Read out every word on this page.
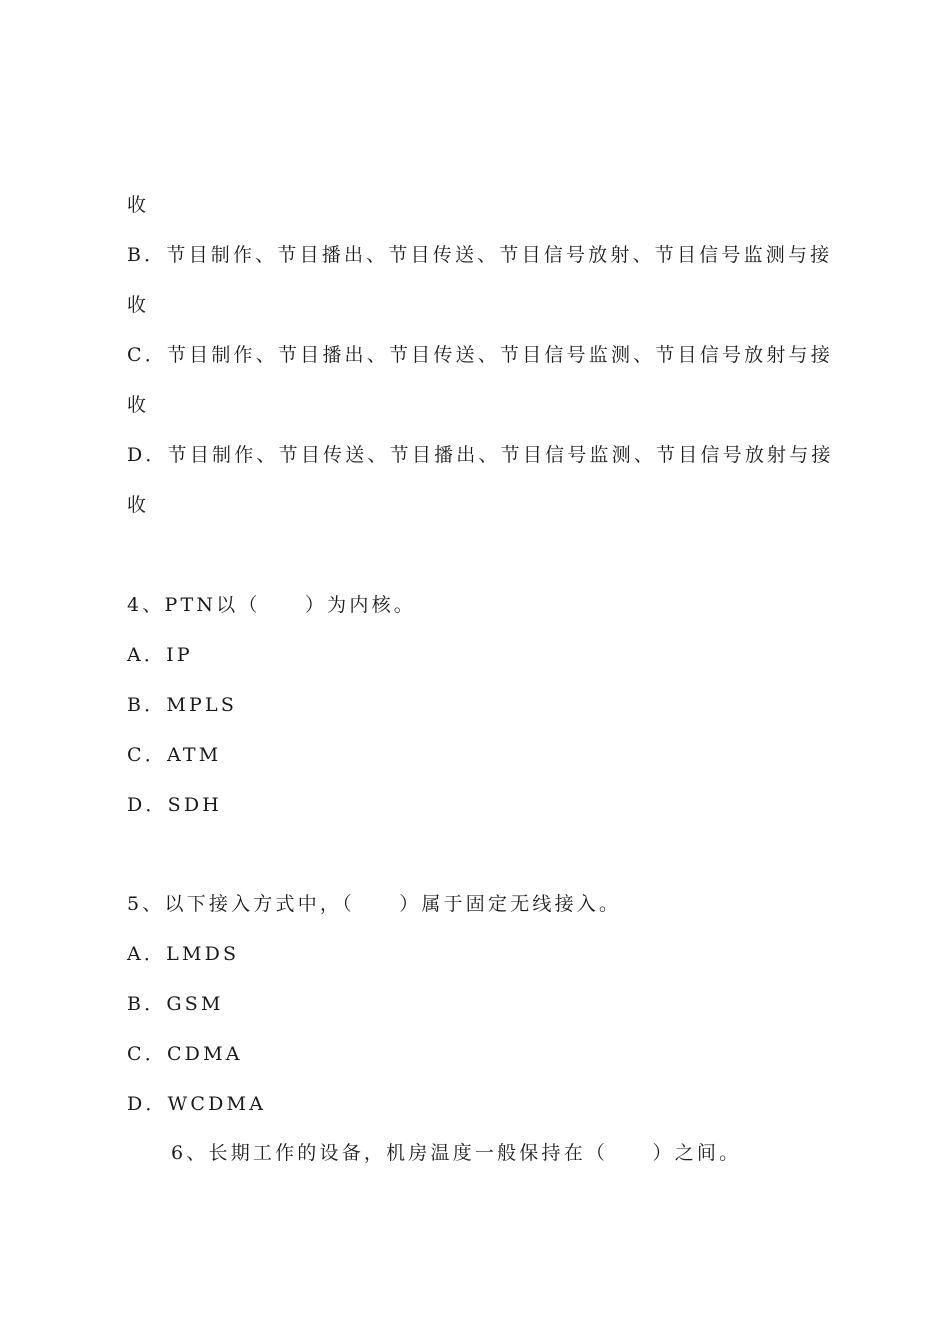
收
B．节目制作、节目播出、节目传送、节目信号放射、节目信号监测与接
收
C．节目制作、节目播出、节目传送、节目信号监测、节目信号放射与接
收
D．节目制作、节目传送、节目播出、节目信号监测、节目信号放射与接
收
4、PTN以（　　）为内核。
A．IP
B．MPLS
C．ATM
D．SDH
5、以下接入方式中，（　　）属于固定无线接入。
A．LMDS
B．GSM
C．CDMA
D．WCDMA
6、长期工作的设备，机房温度一般保持在（　　）之间。
